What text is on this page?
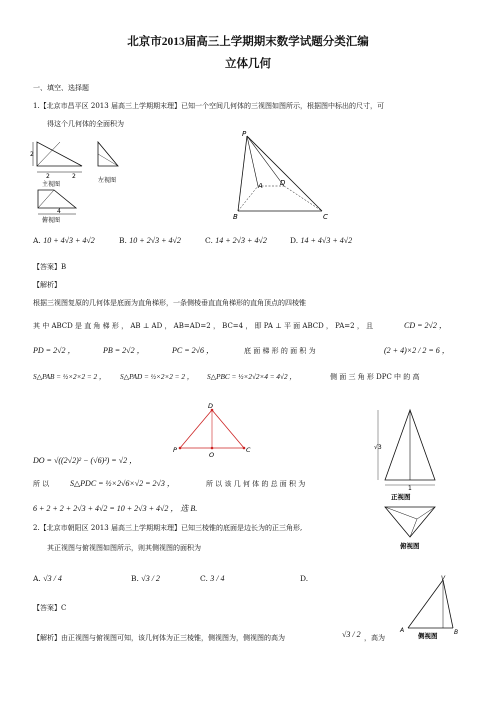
北京市2013届高三上学期期末数学试题分类汇编
立体几何
一、填空、选择题
1.【北京市昌平区 2013 届高三上学期期末理】已知一个空间几何体的三视图如图所示，根据图中标出的尺寸，可
得这个几何体的全面积为
2
2	2
主视图
左视图
4
俯视图
P
A D
B	C
A. 10 + 4√3 + 4√2	B. 10 + 2√3 + 4√2	C. 14 + 2√3 + 4√2	D. 14 + 4√3 + 4√2
【答案】B
【解析】
根据三视图复原的几何体是底面为直角梯形，一条侧棱垂直直角梯形的直角顶点的四棱锥
其 中 ABCD 是 直 角 梯 形 ， AB ⊥ AD ， AB=AD=2 ， BC=4 ， 即 PA ⊥ 平 面 ABCD ， PA=2 ， 且	CD = 2√2 ，
PD = 2√2 ，	PB = 2√2 ，	PC = 2√6 ，	底 面 梯 形 的 面 积 为	(2 + 4)×2 / 2 = 6 ，
S△PAB = ½×2×2 = 2 ， S△PAD = ½×2×2 = 2 ， S△PBC = ½×2√2×4 = 4√2 ，	侧 面 三 角 形 DPC 中 的 高
D
P
O
C	√3
1
正视图
俯视图
DO = √((2√2)² − (√6)²) = √2 ，
所 以	S△PDC = ½×2√6×√2 = 2√3 ，	所 以 该 几 何 体 的 总 面 积 为
6 + 2 + 2 + 2√3 + 4√2 = 10 + 2√3 + 4√2 ， 选 B.
2.【北京市朝阳区 2013 届高三上学期期末理】已知三棱锥的底面是边长为的正三角形,
其正视图与俯视图如图所示，则其侧视图的面积为
A. √3 / 4	B. √3 / 2	C. 3 / 4	D.
【答案】C
V
A	B
侧视图
【解析】由正视图与俯视图可知，该几何体为正三棱锥，侧视图为，侧视图的高为	√3 / 2 ，高为
